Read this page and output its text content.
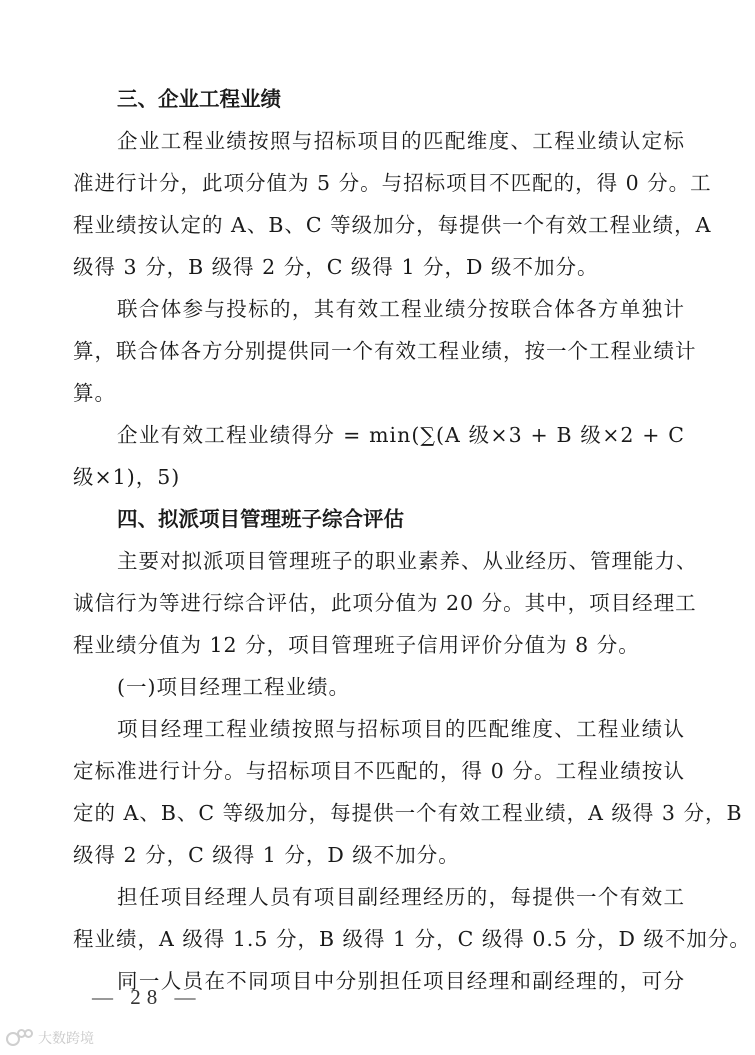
三、企业工程业绩
企业工程业绩按照与招标项目的匹配维度、工程业绩认定标
准进行计分，此项分值为 5 分。与招标项目不匹配的，得 0 分。工
程业绩按认定的 A、B、C 等级加分，每提供一个有效工程业绩，A
级得 3 分，B 级得 2 分，C 级得 1 分，D 级不加分。
联合体参与投标的，其有效工程业绩分按联合体各方单独计
算，联合体各方分别提供同一个有效工程业绩，按一个工程业绩计
算。
企业有效工程业绩得分 = min(∑(A 级×3 + B 级×2 + C
级×1)，5)
四、拟派项目管理班子综合评估
主要对拟派项目管理班子的职业素养、从业经历、管理能力、
诚信行为等进行综合评估，此项分值为 20 分。其中，项目经理工
程业绩分值为 12 分，项目管理班子信用评价分值为 8 分。
(一)项目经理工程业绩。
项目经理工程业绩按照与招标项目的匹配维度、工程业绩认
定标准进行计分。与招标项目不匹配的，得 0 分。工程业绩按认
定的 A、B、C 等级加分，每提供一个有效工程业绩，A 级得 3 分，B
级得 2 分，C 级得 1 分，D 级不加分。
担任项目经理人员有项目副经理经历的，每提供一个有效工
程业绩，A 级得 1.5 分，B 级得 1 分，C 级得 0.5 分，D 级不加分。
同一人员在不同项目中分别担任项目经理和副经理的，可分
— 28 —
大数跨境
